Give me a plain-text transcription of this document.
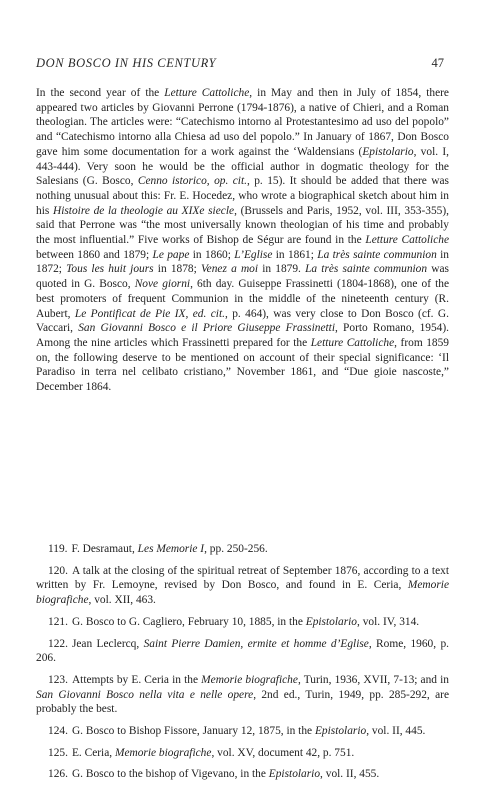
DON BOSCO IN HIS CENTURY	47

In the second year of the Letture Cattoliche, in May and then in July of 1854, there appeared two articles by Giovanni Perrone (1794-1876), a native of Chieri, and a Roman theologian. The articles were: “Catechismo intorno al Protestantesimo ad uso del popolo” and “Catechismo intorno alla Chiesa ad uso del popolo.” In January of 1867, Don Bosco gave him some documentation for a work against the ‘Waldensians (Epistolario, vol. I, 443-444). Very soon he would be the official author in dogmatic theology for the Salesians (G. Bosco, Cenno istorico, op. cit., p. 15). It should be added that there was nothing unusual about this: Fr. E. Hocedez, who wrote a biographical sketch about him in his Histoire de la theologie au XIXe siecle, (Brussels and Paris, 1952, vol. III, 353-355), said that Perrone was “the most universally known theologian of his time and probably the most influential.” Five works of Bishop de Ségur are found in the Letture Cattoliche between 1860 and 1879; Le pape in 1860; L’Eglise in 1861; La très sainte communion in 1872; Tous les huit jours in 1878; Venez a moi in 1879. La très sainte communion was quoted in G. Bosco, Nove giorni, 6th day. Guiseppe Frassinetti (1804-1868), one of the best promoters of frequent Communion in the middle of the nineteenth century (R. Aubert, Le Pontificat de Pie IX, ed. cit., p. 464), was very close to Don Bosco (cf. G. Vaccari, San Giovanni Bosco e il Priore Giuseppe Frassinetti, Porto Romano, 1954). Among the nine articles which Frassinetti prepared for the Letture Cattoliche, from 1859 on, the following deserve to be mentioned on account of their special significance: ‘Il Paradiso in terra nel celibato cristiano,” November 1861, and “Due gioie nascoste,” December 1864.

119. F. Desramaut, Les Memorie I, pp. 250-256.

120. A talk at the closing of the spiritual retreat of September 1876, according to a text written by Fr. Lemoyne, revised by Don Bosco, and found in E. Ceria, Memorie biografiche, vol. XII, 463.

121. G. Bosco to G. Cagliero, February 10, 1885, in the Epistolario, vol. IV, 314.

122. Jean Leclercq, Saint Pierre Damien, ermite et homme d’Eglise, Rome, 1960, p. 206.

123. Attempts by E. Ceria in the Memorie biografiche, Turin, 1936, XVII, 7-13; and in San Giovanni Bosco nella vita e nelle opere, 2nd ed., Turin, 1949, pp. 285-292, are probably the best.

124. G. Bosco to Bishop Fissore, January 12, 1875, in the Epistolario, vol. II, 445.

125. E. Ceria, Memorie biografiche, vol. XV, document 42, p. 751.

126. G. Bosco to the bishop of Vigevano, in the Epistolario, vol. II, 455.
